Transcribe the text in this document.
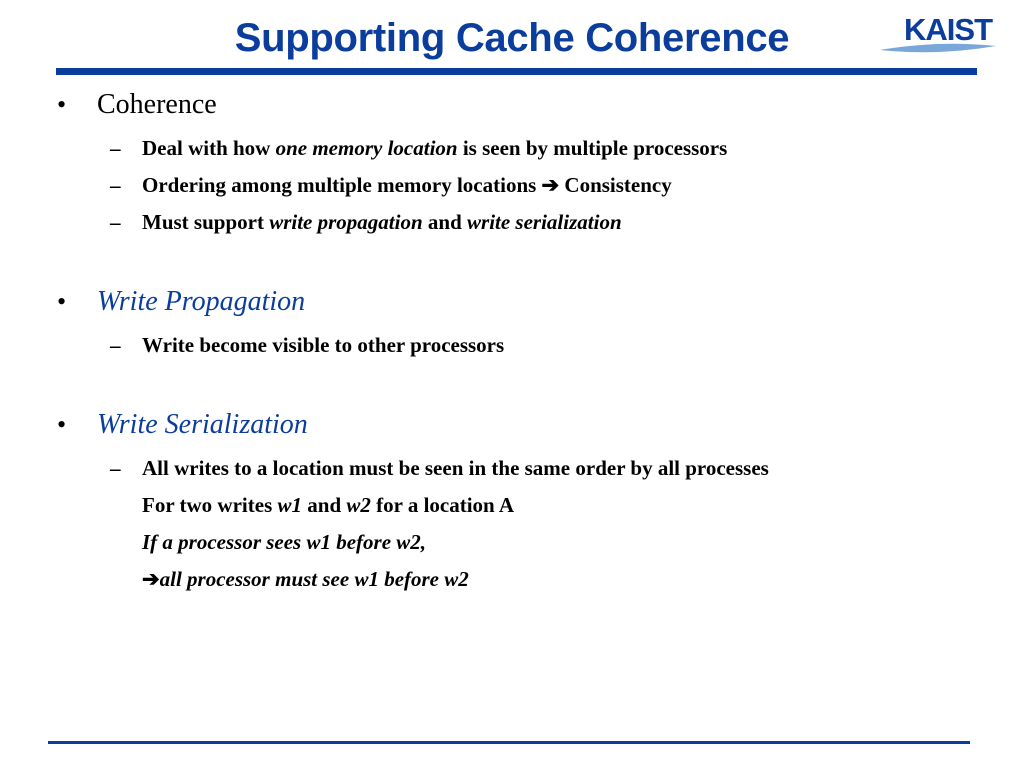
Supporting Cache Coherence	KAIST
• Coherence
– Deal with how one memory location is seen by multiple processors
– Ordering among multiple memory locations ➔ Consistency
– Must support write propagation and write serialization
• Write Propagation
– Write become visible to other processors
• Write Serialization
– All writes to a location must be seen in the same order by all processes
For two writes w1 and w2 for a location A
If a processor sees w1 before w2,
➔all processor must see w1 before w2
